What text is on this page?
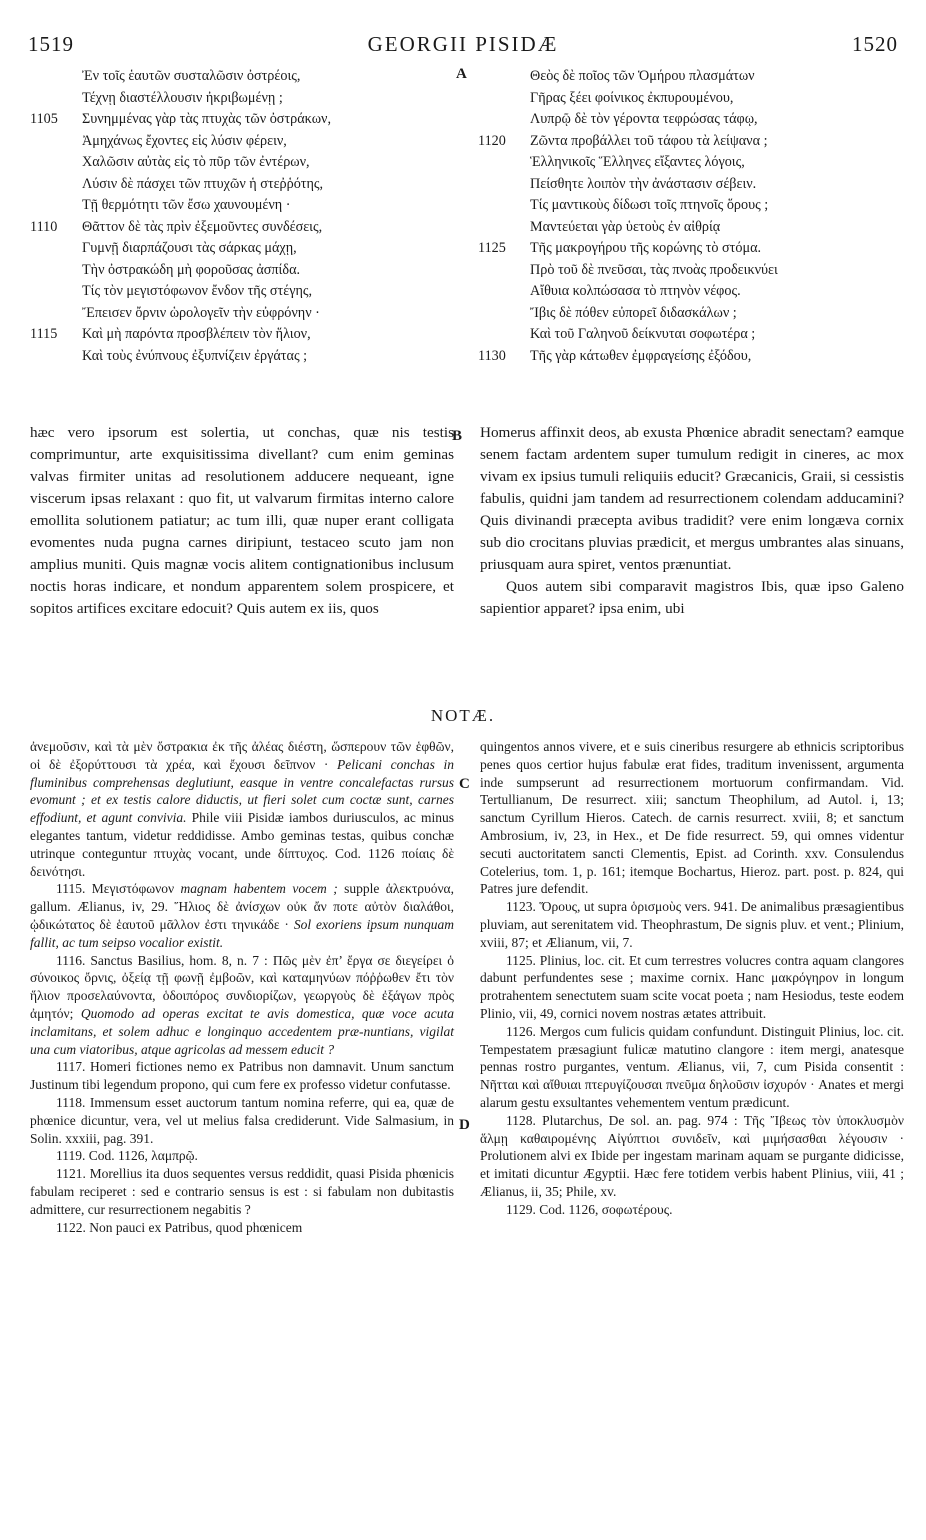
1519	GEORGII PISIDÆ	1520
A
B
C
D
Ἐν τοῖς ἑαυτῶν συσταλῶσιν ὀστρέοις,
Τέχνῃ διαστέλλουσιν ἠκριβωμένῃ ;
1105 Συνημμένας γὰρ τὰς πτυχὰς τῶν ὀστράκων,
Ἀμηχάνως ἔχοντες εἰς λύσιν φέρειν,
Χαλῶσιν αὐτὰς εἰς τὸ πῦρ τῶν ἐντέρων,
Λύσιν δὲ πάσχει τῶν πτυχῶν ἡ στεῤῥότης,
Τῇ θερμότητι τῶν ἔσω χαυνουμένη ·
1110 Θᾶττον δὲ τὰς πρὶν ἐξεμοῦντες συνδέσεις,
Γυμνῇ διαρπάζουσι τὰς σάρκας μάχῃ,
Τὴν ὀστρακώδη μὴ φοροῦσας ἀσπίδα.
Τίς τὸν μεγιστόφωνον ἔνδον τῆς στέγης,
Ἔπεισεν ὄρνιν ὡρολογεῖν τὴν εὐφρόνην ·
1115 Καὶ μὴ παρόντα προσβλέπειν τὸν ἥλιον,
Καὶ τοὺς ἐνύπνους ἐξυπνίζειν ἐργάτας ;
Θεὸς δὲ ποῖος τῶν Ὁμήρου πλασμάτων
Γῆρας ξέει φοίνικος ἐκπυρουμένου,
Λυπρῷ δὲ τὸν γέροντα τεφρώσας τάφῳ,
1120 Ζῶντα προβάλλει τοῦ τάφου τὰ λείψανα ;
Ἑλληνικοῖς Ἕλληνες εἴξαντες λόγοις,
Πείσθητε λοιπὸν τὴν ἀνάστασιν σέβειν.
Τίς μαντικοὺς δίδωσι τοῖς πτηνοῖς ὅρους ;
Μαντεύεται γὰρ ὑετοὺς ἐν αἰθρίᾳ
1125 Τῆς μακρογήρου τῆς κορώνης τὸ στόμα.
Πρὸ τοῦ δὲ πνεῦσαι, τὰς πνοὰς προδεικνύει
Αἴθυια κολπώσασα τὸ πτηνὸν νέφος.
Ἴβις δὲ πόθεν εὐπορεῖ διδασκάλων ;
Καὶ τοῦ Γαληνοῦ δείκνυται σοφωτέρα ;
1130 Τῆς γὰρ κάτωθεν ἐμφραγείσης ἐξόδου,

hæc vero ipsorum est solertia, ut conchas, quæ nis testis comprimuntur, arte exquisitissima divellant? cum enim geminas valvas firmiter unitas ad resolutionem adducere nequeant, igne viscerum ipsas relaxant : quo fit, ut valvarum firmitas interno calore emollita solutionem patiatur; ac tum illi, quæ nuper erant colligata evomentes nuda pugna carnes diripiunt, testaceo scuto jam non amplius muniti. Quis magnæ vocis alitem contignationibus inclusum noctis horas indicare, et nondum apparentem solem prospicere, et sopitos artifices excitare edocuit? Quis autem ex iis, quos

Homerus affinxit deos, ab exusta Phœnice abradit senectam? eamque senem factam ardentem super tumulum redigit in cineres, ac mox vivam ex ipsius tumuli reliquiis educit? Græcanicis, Graii, si cessistis fabulis, quidni jam tandem ad resurrectionem colendam adducamini? Quis divinandi præcepta avibus tradidit? vere enim longæva cornix sub dio crocitans pluvias prædicit, et mergus umbrantes alas sinuans, priusquam aura spiret, ventos prænuntiat.

Quos autem sibi comparavit magistros Ibis, quæ ipso Galeno sapientior apparet? ipsa enim, ubi

NOTÆ.

ἀνεμοῦσιν, καὶ τὰ μὲν ὄστρακια ἐκ τῆς ἀλέας διέστη, ὥσπερουν τῶν ἑφθῶν, οἱ δὲ ἐξορύττουσι τὰ χρέα, καὶ ἔχουσι δεῖπνον · Pelicani conchas in fluminibus comprehensas deglutiunt, easque in ventre concalefactas rursus evomunt ; et ex testis calore diductis, ut fieri solet cum coctæ sunt, carnes effodiunt, et agunt convivia. Phile viii Pisidæ iambos duriusculos, ac minus elegantes tantum, videtur reddidisse. Ambo geminas testas, quibus conchæ utrinque conteguntur πτυχὰς vocant, unde δίπτυχος. Cod. 1126 ποίαις δὲ δεινότησι.

1115. Μεγιστόφωνον magnam habentem vocem ; supple ἀλεκτρυόνα, gallum. Ælianus, iv, 29. Ἥλιος δὲ ἀνίσχων οὐκ ἄν ποτε αὐτὸν διαλάθοι, ᾠδικώτατος δὲ ἑαυτοῦ μᾶλλον ἐστι τηνικάδε · Sol exoriens ipsum nunquam fallit, ac tum seipso vocalior existit.

1116. Sanctus Basilius, hom. 8, n. 7 : Πῶς μὲν ἐπ’ ἔργα σε διεγείρει ὁ σύνοικος ὄρνις, ὀξείᾳ τῇ φωνῇ ἐμβοῶν, καὶ καταμηνύων πόῤῥωθεν ἔτι τὸν ἥλιον προσελαύνοντα, ὁδοιπόρος συνδιορίζων, γεωργοὺς δὲ ἐξάγων πρὸς ἀμητόν; Quomodo ad operas excitat te avis domestica, quæ voce acuta inclamitans, et solem adhuc e longinquo accedentem præ-nuntians, vigilat una cum viatoribus, atque agricolas ad messem educit ?

1117. Homeri fictiones nemo ex Patribus non damnavit. Unum sanctum Justinum tibi legendum propono, qui cum fere ex professo videtur confutasse.

1118. Immensum esset auctorum tantum nomina referre, qui ea, quæ de phœnice dicuntur, vera, vel ut melius falsa crediderunt. Vide Salmasium, in Solin. xxxiii, pag. 391.

1119. Cod. 1126, λαμπρῷ.

1121. Morellius ita duos sequentes versus reddidit, quasi Pisida phœnicis fabulam reciperet : sed e contrario sensus is est : si fabulam non dubitastis admittere, cur resurrectionem negabitis ?

1122. Non pauci ex Patribus, quod phœnicem

quingentos annos vivere, et e suis cineribus resurgere ab ethnicis scriptoribus penes quos certior hujus fabulæ erat fides, traditum invenissent, argumenta inde sumpserunt ad resurrectionem mortuorum confirmandam. Vid. Tertullianum, De resurrect. xiii; sanctum Theophilum, ad Autol. i, 13; sanctum Cyrillum Hieros. Catech. de carnis resurrect. xviii, 8; et sanctum Ambrosium, iv, 23, in Hex., et De fide resurrect. 59, qui omnes videntur secuti auctoritatem sancti Clementis, Epist. ad Corinth. xxv. Consulendus Cotelerius, tom. 1, p. 161; itemque Bochartus, Hieroz. part. post. p. 824, qui Patres jure defendit.

1123. Ὅρους, ut supra ὁρισμοὺς vers. 941. De animalibus præsagientibus pluviam, aut serenitatem vid. Theophrastum, De signis pluv. et vent.; Plinium, xviii, 87; et Ælianum, vii, 7.

1125. Plinius, loc. cit. Et cum terrestres volucres contra aquam clangores dabunt perfundentes sese ; maxime cornix. Hanc μακρόγηρον in longum protrahentem senectutem suam scite vocat poeta ; nam Hesiodus, teste eodem Plinio, vii, 49, cornici novem nostras ætates attribuit.

1126. Mergos cum fulicis quidam confundunt. Distinguit Plinius, loc. cit. Tempestatem præsagiunt fulicæ matutino clangore : item mergi, anatesque pennas rostro purgantes, ventum. Ælianus, vii, 7, cum Pisida consentit : Νῆτται καὶ αἴθυιαι πτερυγίζουσαι πνεῦμα δηλοῦσιν ἰσχυρόν · Anates et mergi alarum gestu exsultantes vehementem ventum prædicunt.

1128. Plutarchus, De sol. an. pag. 974 : Τῆς Ἴβεως τὸν ὑποκλυσμὸν ἅλμῃ καθαιρομένης Αἰγύπτιοι συνιδεῖν, καὶ μιμήσασθαι λέγουσιν · Prolutionem alvi ex Ibide per ingestam marinam aquam se purgante didicisse, et imitati dicuntur Ægyptii. Hæc fere totidem verbis habent Plinius, viii, 41 ; Ælianus, ii, 35; Phile, xv.

1129. Cod. 1126, σοφωτέρους.
